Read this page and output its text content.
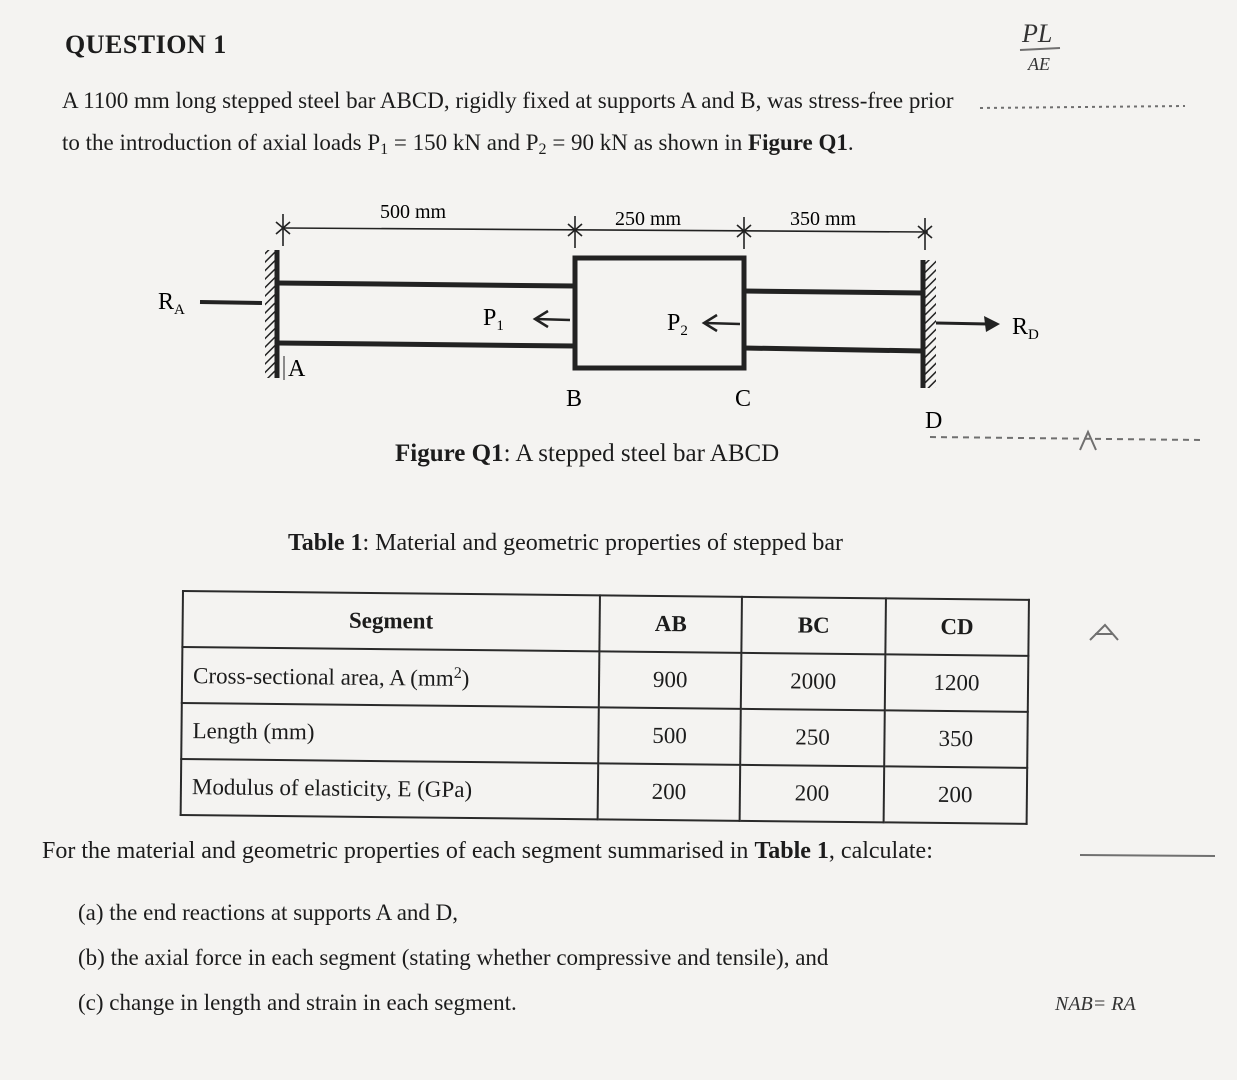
QUESTION 1
A 1100 mm long stepped steel bar ABCD, rigidly fixed at supports A and B, was stress-free prior
to the introduction of axial loads $P_1 = 150$ kN and $P_2 = 90$ kN as shown in Figure Q1.
500 mm	250 mm	350 mm
$R_A$
$R_D$
$P_1$	$P_2$
A
B	C
D
Figure Q1: A stepped steel bar ABCD
Table 1: Material and geometric properties of stepped bar
Segment	AB	BC	CD
Cross-sectional area, A $(mm^2)$	900	2000	1200
Length (mm)	500	250	350
Modulus of elasticity, E (GPa)	200	200	200
For the material and geometric properties of each segment summarised in Table 1, calculate:
(a) the end reactions at supports A and D,
(b) the axial force in each segment (stating whether compressive and tensile), and
(c) change in length and strain in each segment.
PL
AE
NAB= RA
